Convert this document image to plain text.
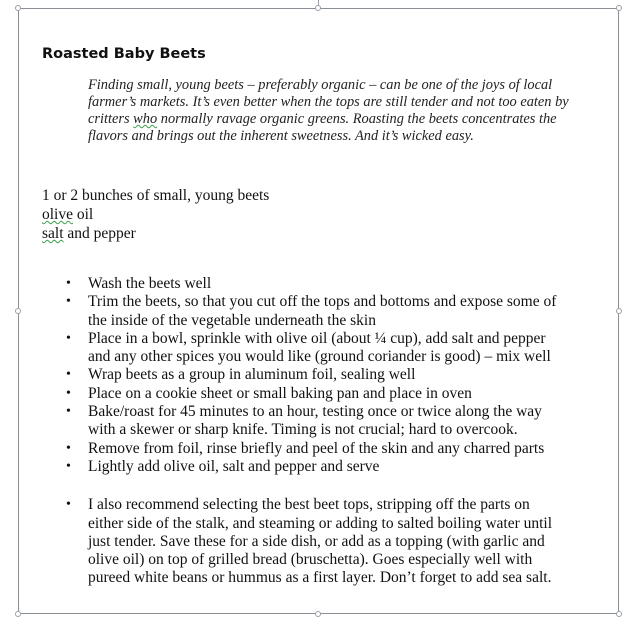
Roasted Baby Beets

Finding small, young beets – preferably organic – can be one of the joys of local

farmer’s markets. It’s even better when the tops are still tender and not too eaten by

critters who normally ravage organic greens. Roasting the beets concentrates the

flavors and brings out the inherent sweetness. And it’s wicked easy.

1 or 2 bunches of small, young beets
olive oil
salt and pepper
• Wash the beets well
• Trim the beets, so that you cut off the tops and bottoms and expose some of
the inside of the vegetable underneath the skin
• Place in a bowl, sprinkle with olive oil (about ¼ cup), add salt and pepper
and any other spices you would like (ground coriander is good) – mix well
• Wrap beets as a group in aluminum foil, sealing well
• Place on a cookie sheet or small baking pan and place in oven
• Bake/roast for 45 minutes to an hour, testing once or twice along the way
with a skewer or sharp knife. Timing is not crucial; hard to overcook.
• Remove from foil, rinse briefly and peel of the skin and any charred parts
• Lightly add olive oil, salt and pepper and serve
• I also recommend selecting the best beet tops, stripping off the parts on
either side of the stalk, and steaming or adding to salted boiling water until
just tender. Save these for a side dish, or add as a topping (with garlic and
olive oil) on top of grilled bread (bruschetta). Goes especially well with
pureed white beans or hummus as a first layer. Don’t forget to add sea salt.
